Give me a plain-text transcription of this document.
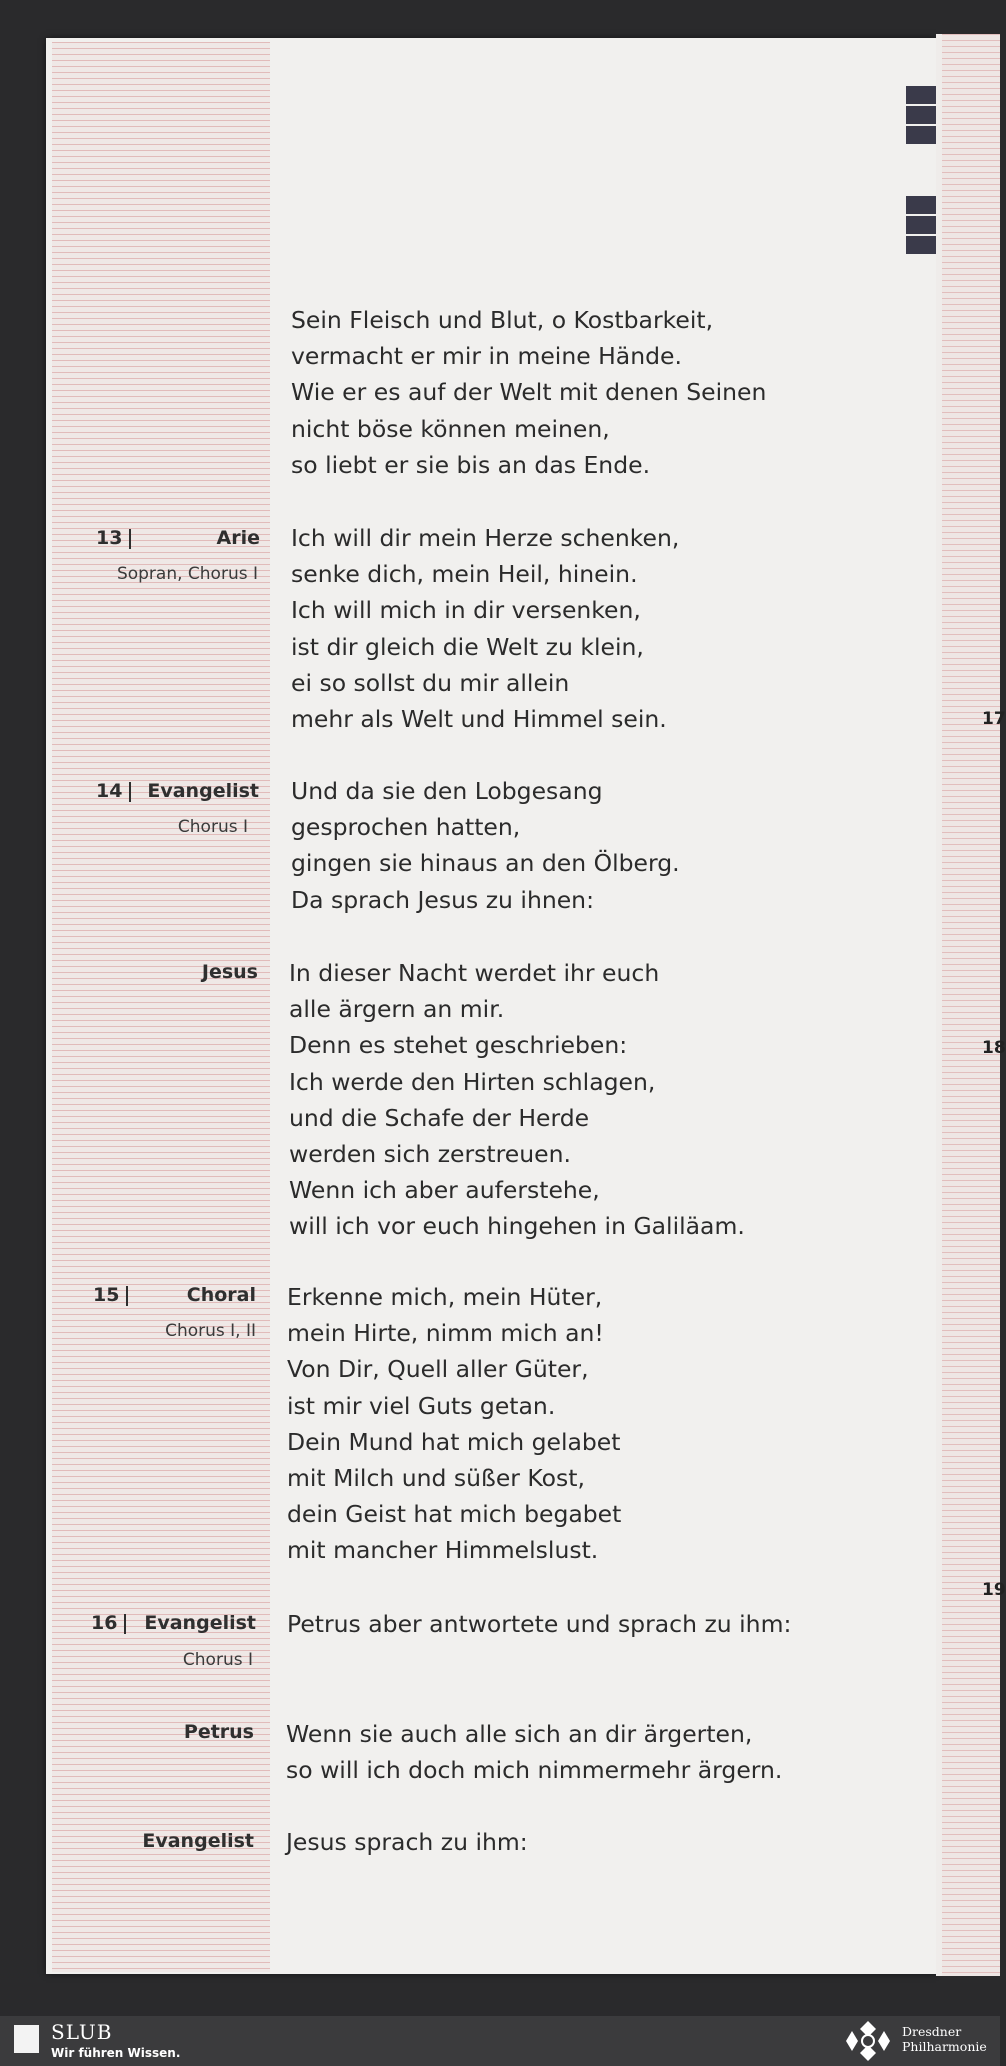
17
18
19
Sein Fleisch und Blut, o Kostbarkeit,
vermacht er mir in meine Hände.
Wie er es auf der Welt mit denen Seinen
nicht böse können meinen,
so liebt er sie bis an das Ende.
13	Arie
Sopran, Chorus I
Ich will dir mein Herze schenken,
senke dich, mein Heil, hinein.
Ich will mich in dir versenken,
ist dir gleich die Welt zu klein,
ei so sollst du mir allein
mehr als Welt und Himmel sein.
14 Evangelist
Chorus I
Und da sie den Lobgesang
gesprochen hatten,
gingen sie hinaus an den Ölberg.
Da sprach Jesus zu ihnen:
Jesus In dieser Nacht werdet ihr euch
alle ärgern an mir.
Denn es stehet geschrieben:
Ich werde den Hirten schlagen,
und die Schafe der Herde
werden sich zerstreuen.
Wenn ich aber auferstehe,
will ich vor euch hingehen in Galiläam.
15	Choral
Chorus I, II
Erkenne mich, mein Hüter,
mein Hirte, nimm mich an!
Von Dir, Quell aller Güter,
ist mir viel Guts getan.
Dein Mund hat mich gelabet
mit Milch und süßer Kost,
dein Geist hat mich begabet
mit mancher Himmelslust.
16 Evangelist
Chorus I
Petrus aber antwortete und sprach zu ihm:
Petrus Wenn sie auch alle sich an dir ärgerten,
so will ich doch mich nimmermehr ärgern.
Evangelist Jesus sprach zu ihm:
SLUB
Wir führen Wissen.
Dresdner
Philharmonie
